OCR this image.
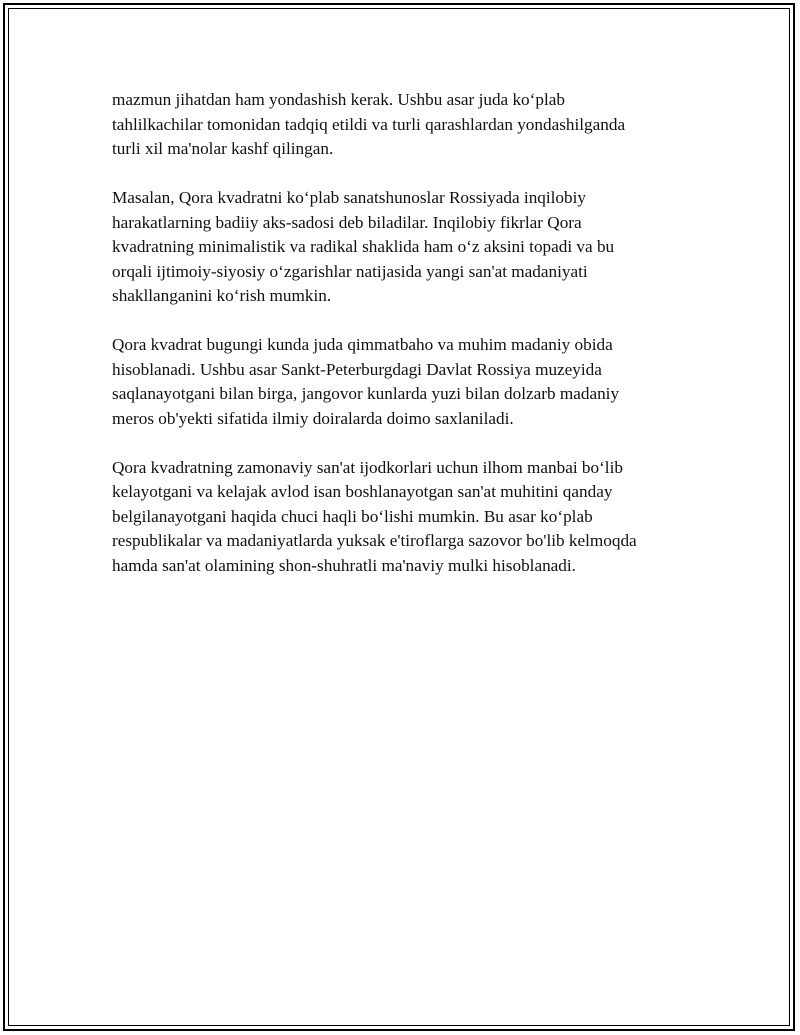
mazmun jihatdan ham yondashish kerak. Ushbu asar juda ko‘plab
tahlilkachilar tomonidan tadqiq etildi va turli qarashlardan yondashilganda
turli xil ma'nolar kashf qilingan.

Masalan, Qora kvadratni ko‘plab sanatshunoslar Rossiyada inqilobiy
harakatlarning badiiy aks-sadosi deb biladilar. Inqilobiy fikrlar Qora
kvadratning minimalistik va radikal shaklida ham o‘z aksini topadi va bu
orqali ijtimoiy-siyosiy o‘zgarishlar natijasida yangi san'at madaniyati
shakllanganini ko‘rish mumkin.

Qora kvadrat bugungi kunda juda qimmatbaho va muhim madaniy obida
hisoblanadi. Ushbu asar Sankt-Peterburgdagi Davlat Rossiya muzeyida
saqlanayotgani bilan birga, jangovor kunlarda yuzi bilan dolzarb madaniy
meros ob'yekti sifatida ilmiy doiralarda doimo saxlaniladi.

Qora kvadratning zamonaviy san'at ijodkorlari uchun ilhom manbai bo‘lib
kelayotgani va kelajak avlod isan boshlanayotgan san'at muhitini qanday
belgilanayotgani haqida chuci haqli bo‘lishi mumkin. Bu asar ko‘plab
respublikalar va madaniyatlarda yuksak e'tiroflarga sazovor bo'lib kelmoqda
hamda san'at olamining shon-shuhratli ma'naviy mulki hisoblanadi.
